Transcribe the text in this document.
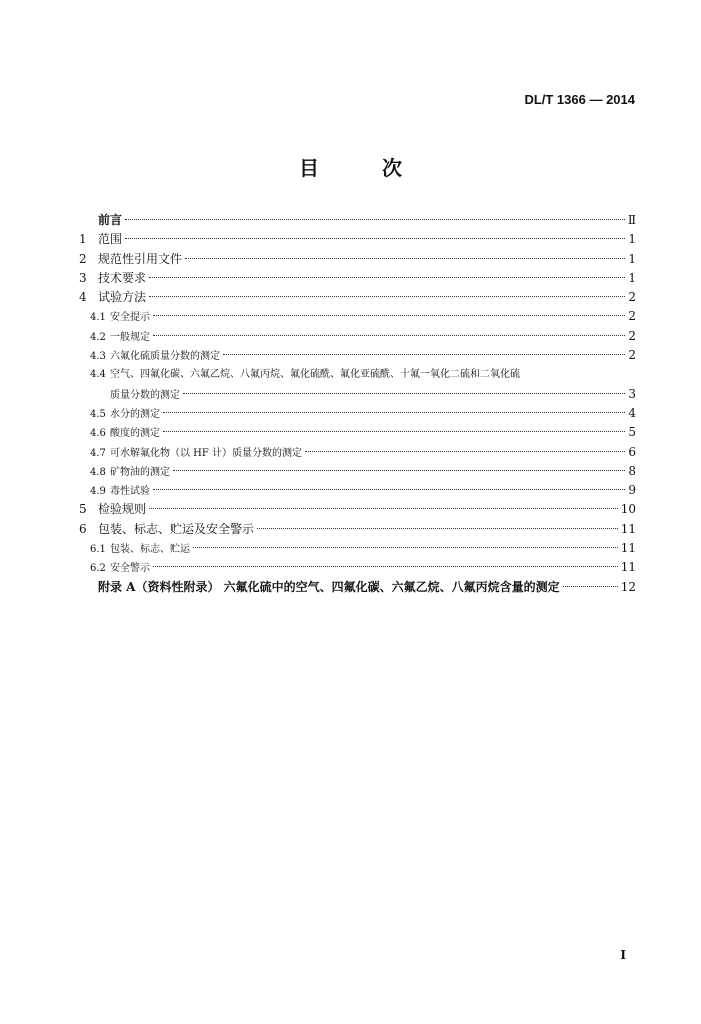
DL/T 1366 — 2014
目 次
前言	Ⅱ
1 范围	1
2 规范性引用文件	1
3 技术要求	1
4 试验方法	2
4.1 安全提示	2
4.2 一般规定	2
4.3 六氟化硫质量分数的测定	2
4.4 空气、四氟化碳、六氟乙烷、八氟丙烷、氟化硫酰、氟化亚硫酰、十氟一氧化二硫和二氧化硫
质量分数的测定	3
4.5 水分的测定	4
4.6 酸度的测定	5
4.7 可水解氟化物（以 HF 计）质量分数的测定	6
4.8 矿物油的测定	8
4.9 毒性试验	9
5 检验规则	10
6 包装、标志、贮运及安全警示	11
6.1 包装、标志、贮运	11
6.2 安全警示	11
附录 A（资料性附录） 六氟化硫中的空气、四氟化碳、六氟乙烷、八氟丙烷含量的测定	12
I
